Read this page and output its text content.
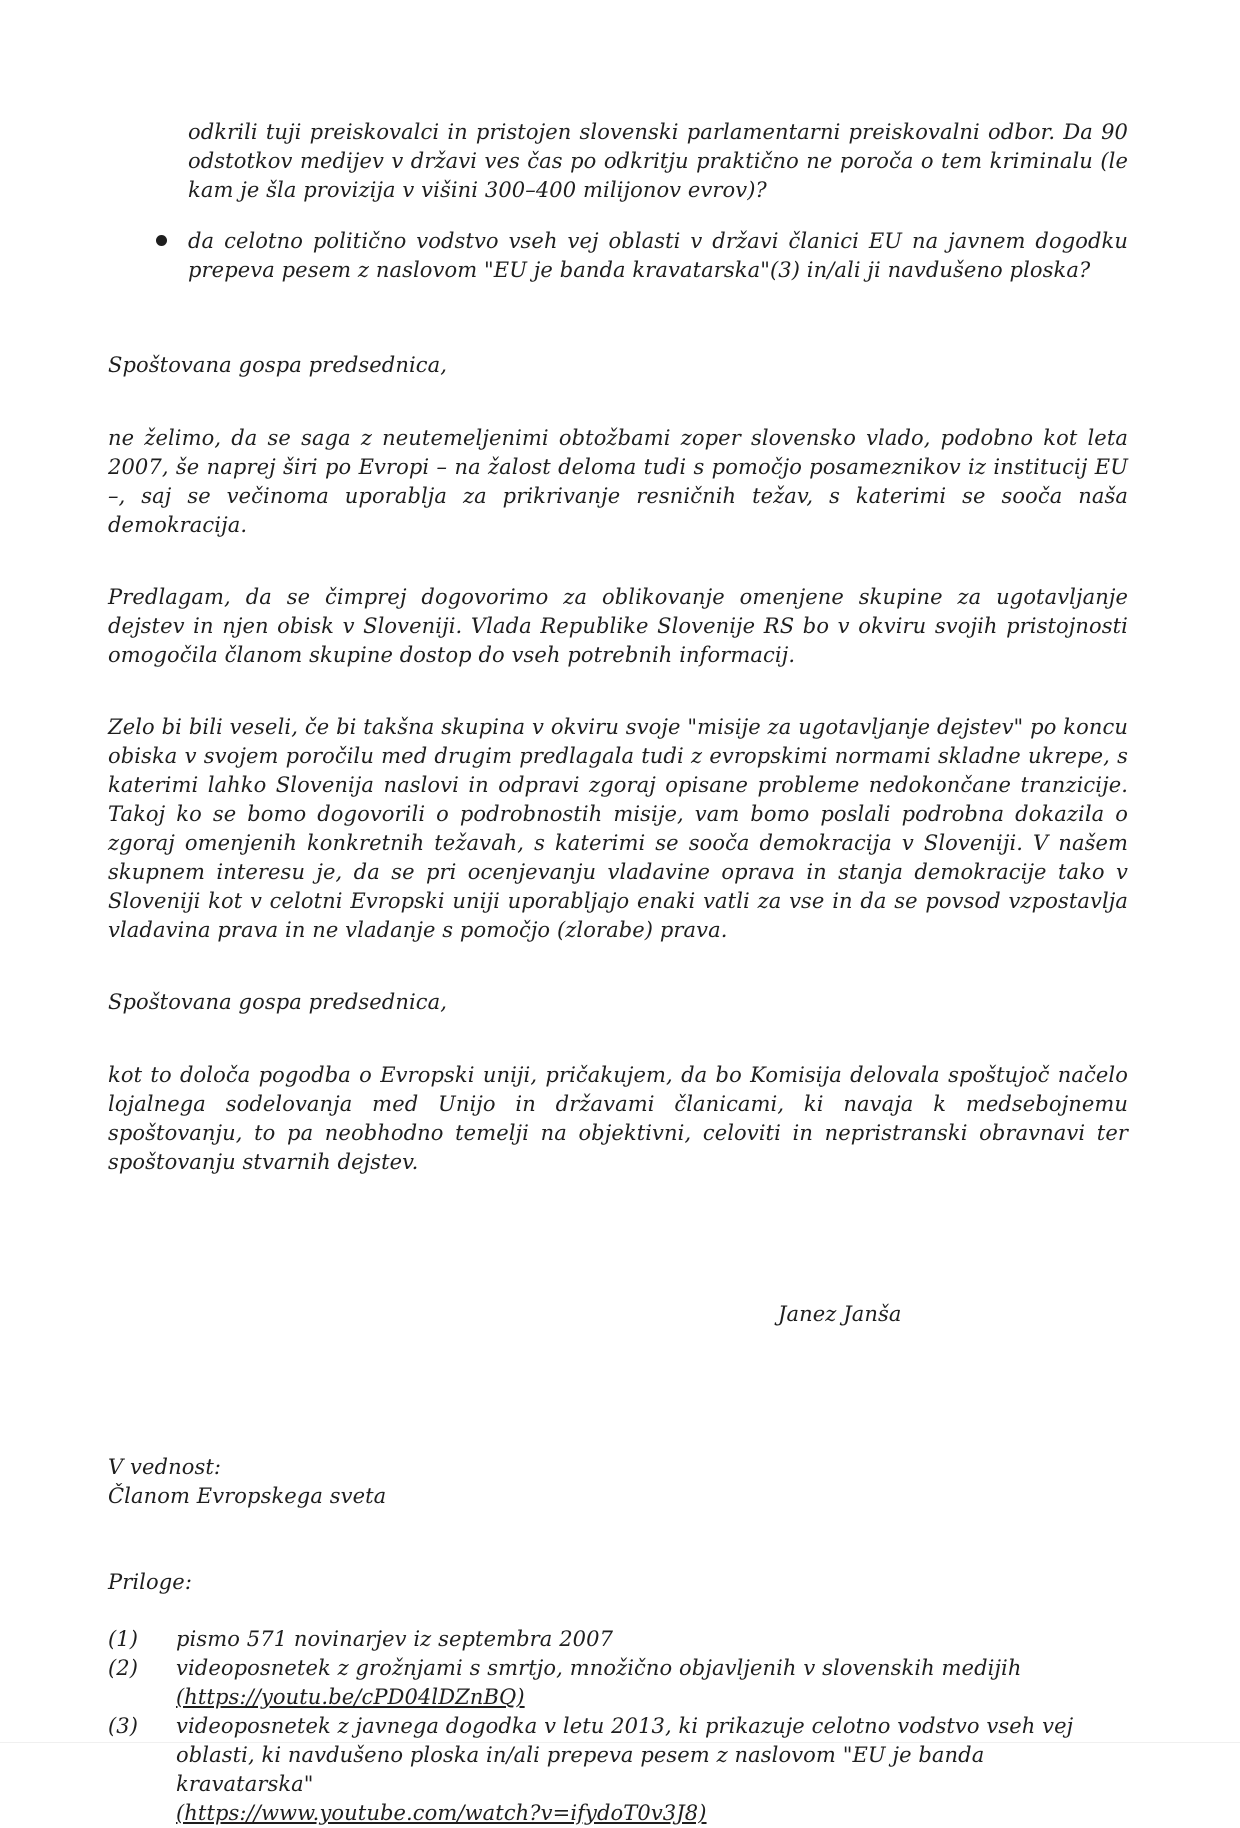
odkrili tuji preiskovalci in pristojen slovenski parlamentarni preiskovalni odbor. Da 90 odstotkov medijev v državi ves čas po odkritju praktično ne poroča o tem kriminalu (le kam je šla provizija v višini 300–400 milijonov evrov)?

da celotno politično vodstvo vseh vej oblasti v državi članici EU na javnem dogodku prepeva pesem z naslovom "EU je banda kravatarska"(3) in/ali ji navdušeno ploska?

Spoštovana gospa predsednica,

ne želimo, da se saga z neutemeljenimi obtožbami zoper slovensko vlado, podobno kot leta 2007, še naprej širi po Evropi – na žalost deloma tudi s pomočjo posameznikov iz institucij EU –, saj se večinoma uporablja za prikrivanje resničnih težav, s katerimi se sooča naša demokracija.

Predlagam, da se čimprej dogovorimo za oblikovanje omenjene skupine za ugotavljanje dejstev in njen obisk v Sloveniji. Vlada Republike Slovenije RS bo v okviru svojih pristojnosti omogočila članom skupine dostop do vseh potrebnih informacij.

Zelo bi bili veseli, če bi takšna skupina v okviru svoje "misije za ugotavljanje dejstev" po koncu obiska v svojem poročilu med drugim predlagala tudi z evropskimi normami skladne ukrepe, s katerimi lahko Slovenija naslovi in odpravi zgoraj opisane probleme nedokončane tranzicije. Takoj ko se bomo dogovorili o podrobnostih misije, vam bomo poslali podrobna dokazila o zgoraj omenjenih konkretnih težavah, s katerimi se sooča demokracija v Sloveniji. V našem skupnem interesu je, da se pri ocenjevanju vladavine oprava in stanja demokracije tako v Sloveniji kot v celotni Evropski uniji uporabljajo enaki vatli za vse in da se povsod vzpostavlja vladavina prava in ne vladanje s pomočjo (zlorabe) prava.

Spoštovana gospa predsednica,

kot to določa pogodba o Evropski uniji, pričakujem, da bo Komisija delovala spoštujoč načelo lojalnega sodelovanja med Unijo in državami članicami, ki navaja k medsebojnemu spoštovanju, to pa neobhodno temelji na objektivni, celoviti in nepristranski obravnavi ter spoštovanju stvarnih dejstev.

Janez Janša

V vednost:

Članom Evropskega sveta

Priloge:

(1) pismo 571 novinarjev iz septembra 2007
(2) videoposnetek z grožnjami s smrtjo, množično objavljenih v slovenskih medijih
(https://youtu.be/cPD04lDZnBQ)
(3) videoposnetek z javnega dogodka v letu 2013, ki prikazuje celotno vodstvo vseh vej oblasti, ki navdušeno ploska in/ali prepeva pesem z naslovom "EU je banda kravatarska"
(https://www.youtube.com/watch?v=ifydoT0v3J8)
